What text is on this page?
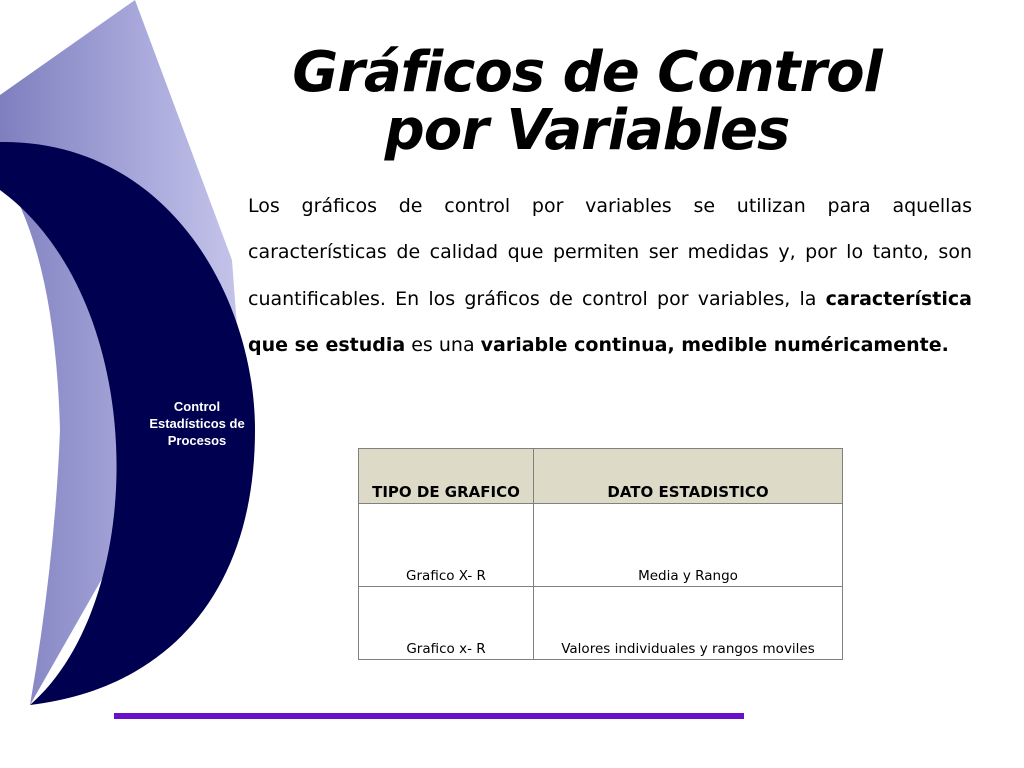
Control Estadísticos de Procesos
Gráficos de Control por Variables

Los gráficos de control por variables se utilizan para aquellas características de calidad que permiten ser medidas y, por lo tanto, son cuantificables. En los gráficos de control por variables, la característica que se estudia es una variable continua, medible numéricamente.

TIPO DE GRAFICO	DATO ESTADISTICO
Grafico X- R	Media y Rango
Grafico x- R	Valores individuales y rangos moviles
